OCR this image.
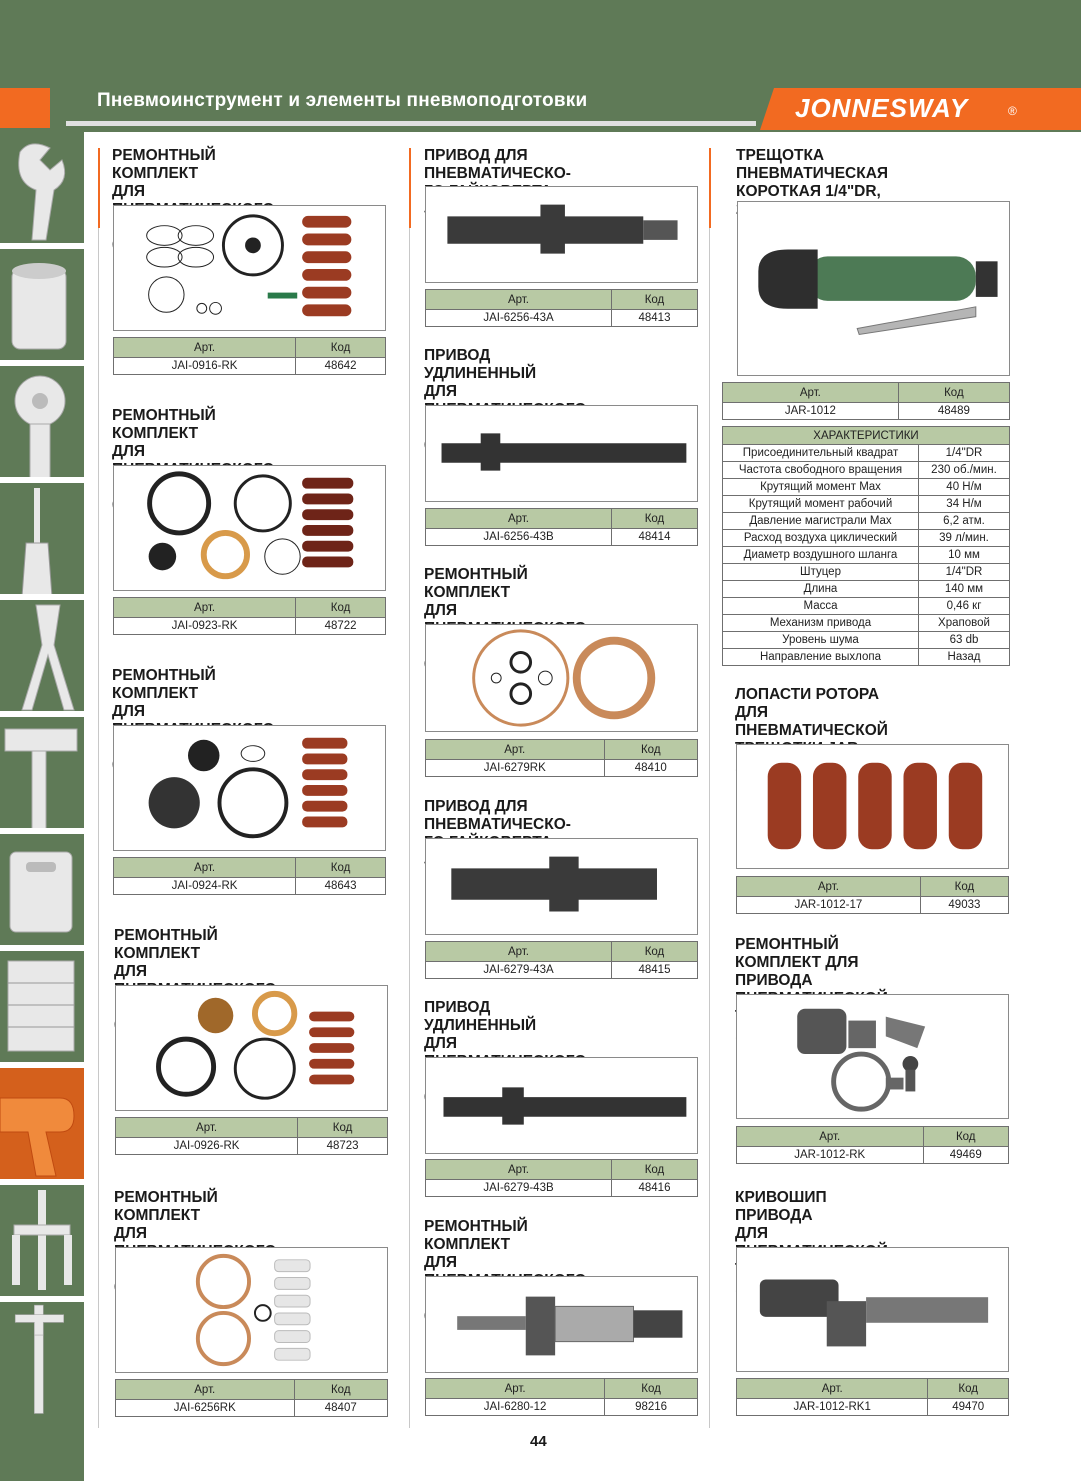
Пневмоинструмент и элементы пневмоподготовки	JONNESWAY	®
РЕМОНТНЫЙ КОМПЛЕКТ
ДЛЯ

Арт.	Код
JAI-0916-RK	48642
РЕМОНТНЫЙ КОМПЛЕКТ
ДЛЯ

Арт.	Код
JAI-0923-RK	48722
РЕМОНТНЫЙ КОМПЛЕКТ
ДЛЯ

Арт.	Код
JAI-0924-RK	48643
РЕМОНТНЫЙ КОМПЛЕКТ
ДЛЯ

Арт.	Код
JAI-0926-RK	48723
РЕМОНТНЫЙ КОМПЛЕКТ
ДЛЯ

Арт.	Код
JAI-6256RK	48407
ПРИВОД ДЛЯ ПНЕВМАТИЧЕСКО-

Арт.	Код
JAI-6256-43A	48413
ПРИВОД УДЛИНЕННЫЙ
ДЛЯ

Арт.	Код
JAI-6256-43B	48414
РЕМОНТНЫЙ КОМПЛЕКТ
ДЛЯ

Арт.	Код
JAI-6279RK	48410
ПРИВОД ДЛЯ ПНЕВМАТИЧЕСКО-

Арт.	Код
JAI-6279-43A	48415
ПРИВОД УДЛИНЕННЫЙ
ДЛЯ

Арт.	Код
JAI-6279-43B	48416
РЕМОНТНЫЙ КОМПЛЕКТ
ДЛЯ

Арт.	Код
JAI-6280-12	98216
ТРЕЩОТКА ПНЕВМАТИЧЕСКАЯ
КОРОТКАЯ 1/4"DR,

Арт.	Код
JAR-1012	48489
ХАРАКТЕРИСТИКИ	
Присоединительный квадрат	1/4"DR
Частота свободного вращения	230 об./мин.
Крутящий момент Max	40 Н/м
Крутящий момент рабочий	34 Н/м
Давление магистрали Max	6,2 атм.
Расход воздуха циклический	39 л/мин.
Диаметр воздушного шланга	10 мм
Штуцер	1/4"DR
Длина	140 мм
Масса	0,46 кг
Механизм привода	Храповой
Уровень шума	63 db
Направление выхлопа	Назад
ЛОПАСТИ РОТОРА
ДЛЯ ПНЕВМАТИЧЕСКОЙ

Арт.	Код
JAR-1012-17	49033
РЕМОНТНЫЙ КОМПЛЕКТ ДЛЯ
ПРИВОДА

Арт.	Код
JAR-1012-RK	49469
КРИВОШИП ПРИВОДА
ДЛЯ

Арт.	Код
JAR-1012-RK1	49470
44
